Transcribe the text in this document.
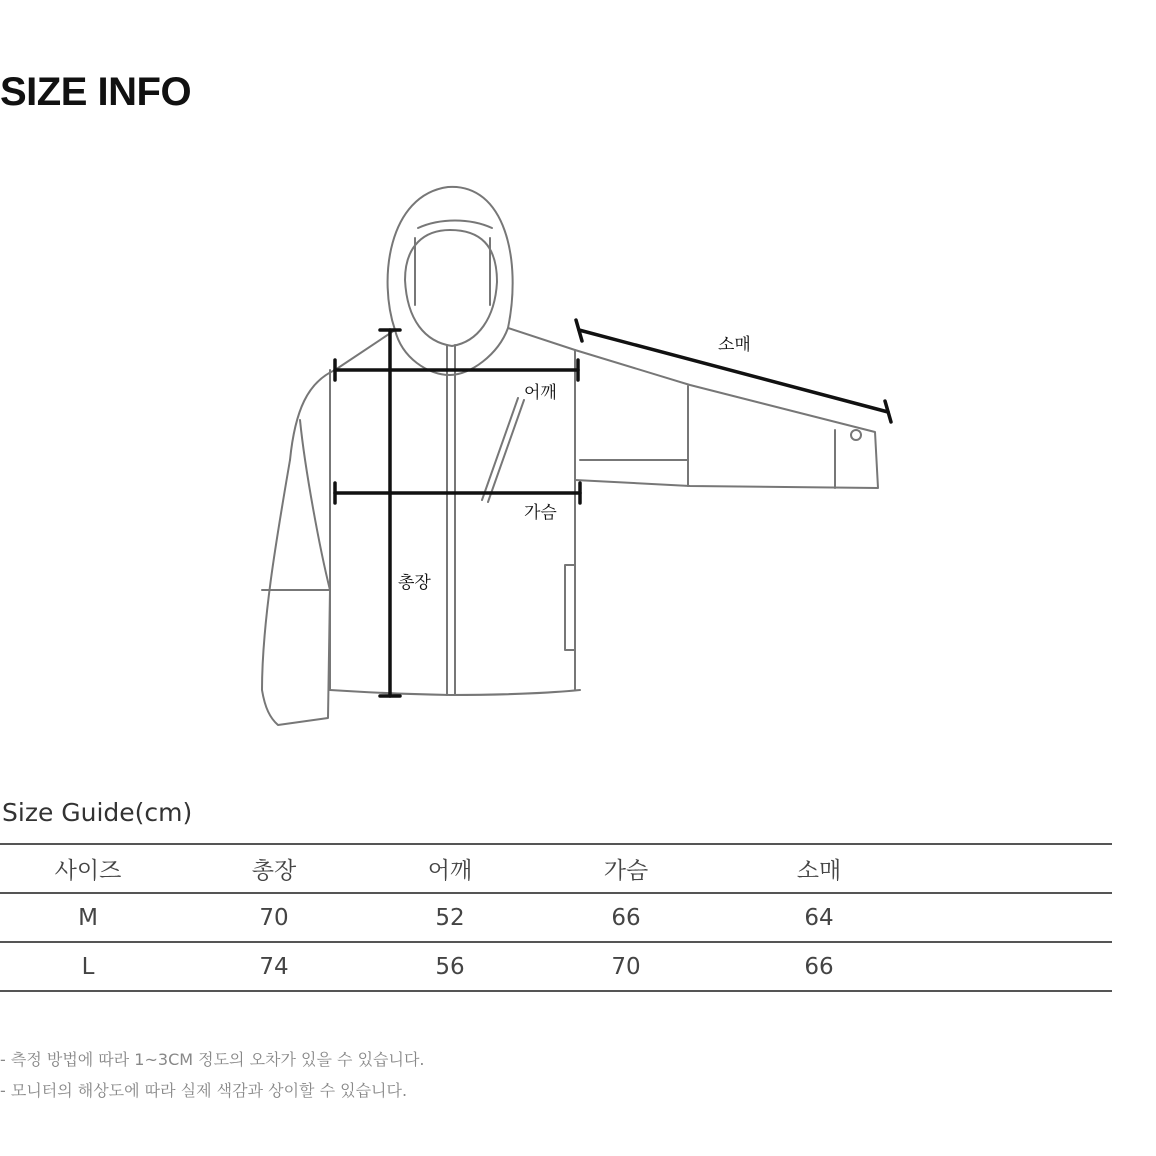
SIZE INFO
소매
어깨
가슴
총장
Size Guide(cm)
사이즈	총장	어깨	가슴	소매	
M	70	52	66	64	
L	74	56	70	66	
- 측정 방법에 따라 1~3CM 정도의 오차가 있을 수 있습니다.
- 모니터의 해상도에 따라 실제 색감과 상이할 수 있습니다.
